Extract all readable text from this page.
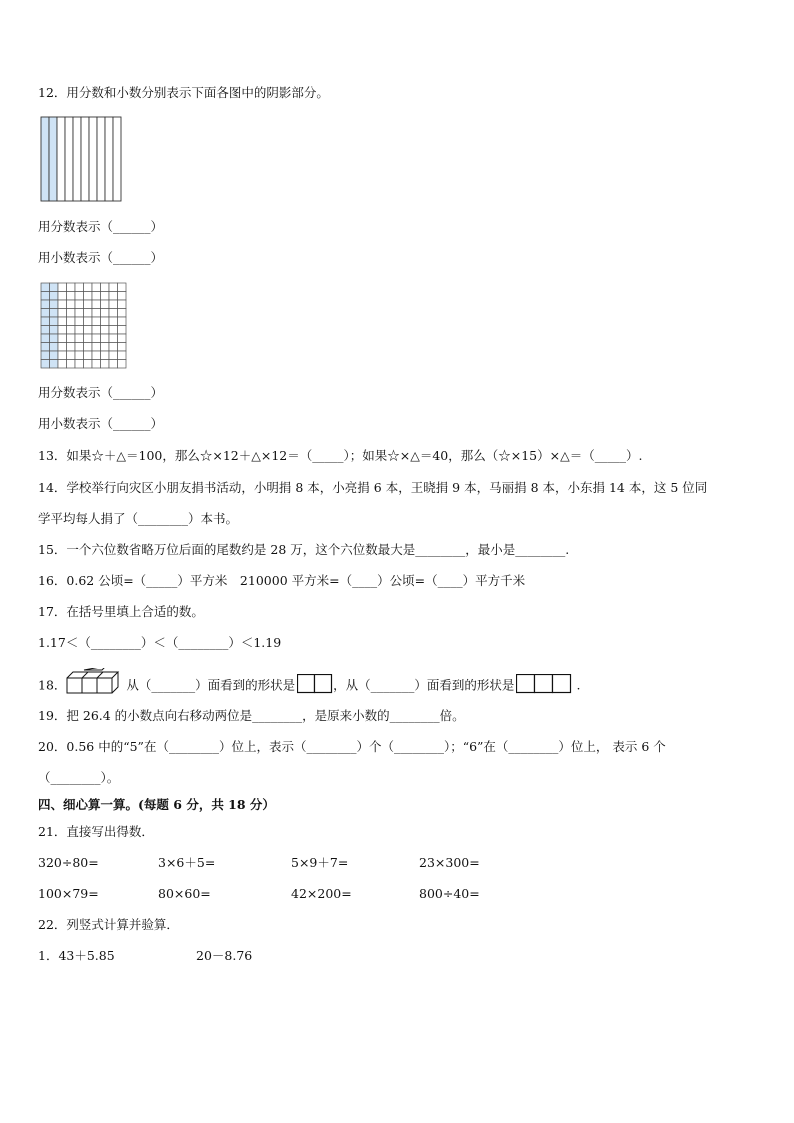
12．用分数和小数分别表示下面各图中的阴影部分。
用分数表示（______）
用小数表示（______）
用分数表示（______）
用小数表示（______）
13．如果☆＋△＝100，那么☆×12＋△×12＝（_____）；如果☆×△＝40，那么（☆×15）×△＝（_____）.
14．学校举行向灾区小朋友捐书活动，小明捐 8 本，小亮捐 6 本，王晓捐 9 本，马丽捐 8 本，小东捐 14 本，这 5 位同
学平均每人捐了（________）本书。
15．一个六位数省略万位后面的尾数约是 28 万，这个六位数最大是________，最小是________.
16．0.62 公顷=（_____）平方米　210000 平方米=（____）公顷=（____）平方千米
17．在括号里填上合适的数。
1.17＜（________）＜（________）＜1.19
18．	从（_______）面看到的形状是	，从（_______）面看到的形状是	.
19．把 26.4 的小数点向右移动两位是________，是原来小数的________倍。
20．0.56 中的“5”在（________）位上，表示（________）个（________）；“6”在（________）位上， 表示 6 个
（________）。
四、细心算一算。(每题 6 分，共 18 分）
21．直接写出得数．
320÷80=	3×6＋5=	5×9＋7=	23×300=
100×79=	80×60=	42×200=	800÷40=
22．列竖式计算并验算．
1．43＋5.85	20－8.76
